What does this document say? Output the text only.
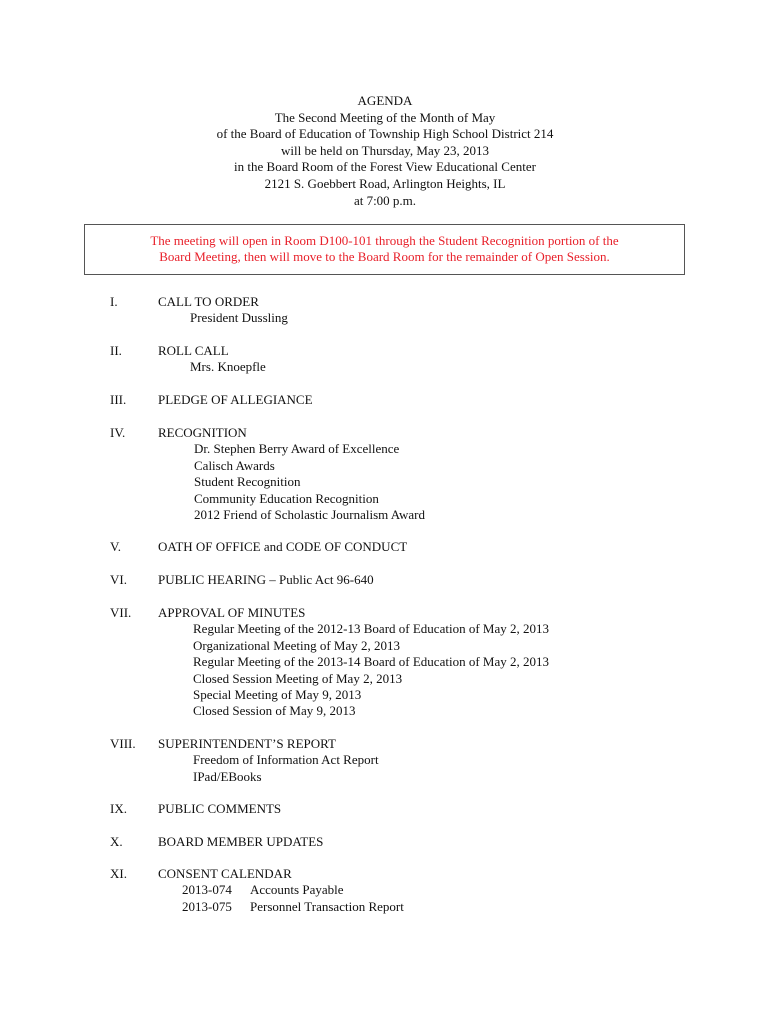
AGENDA
The Second Meeting of the Month of May
of the Board of Education of Township High School District 214
will be held on Thursday, May 23, 2013
in the Board Room of the Forest View Educational Center
2121 S. Goebbert Road, Arlington Heights, IL
at 7:00 p.m.
The meeting will open in Room D100-101 through the Student Recognition portion of the
Board Meeting, then will move to the Board Room for the remainder of Open Session.
I.	CALL TO ORDER
President Dussling
II.	ROLL CALL
Mrs. Knoepfle
III. PLEDGE OF ALLEGIANCE
IV.	RECOGNITION
Dr. Stephen Berry Award of Excellence
Calisch Awards
Student Recognition
Community Education Recognition
2012 Friend of Scholastic Journalism Award
V.	OATH OF OFFICE and CODE OF CONDUCT
VI. PUBLIC HEARING – Public Act 96-640
VII. APPROVAL OF MINUTES
Regular Meeting of the 2012-13 Board of Education of May 2, 2013
Organizational Meeting of May 2, 2013
Regular Meeting of the 2013-14 Board of Education of May 2, 2013
Closed Session Meeting of May 2, 2013
Special Meeting of May 9, 2013
Closed Session of May 9, 2013
VIII. SUPERINTENDENT’S REPORT
Freedom of Information Act Report
IPad/EBooks
IX. PUBLIC COMMENTS
X.	BOARD MEMBER UPDATES
XI. CONSENT CALENDAR
2013-074 Accounts Payable
2013-075 Personnel Transaction Report
